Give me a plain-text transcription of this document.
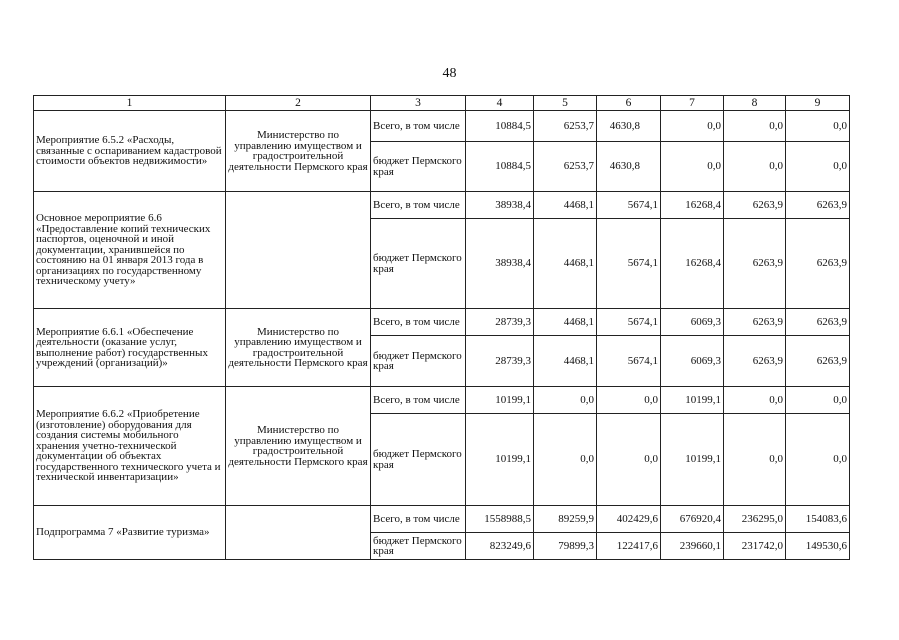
48
1	2	3	4	5	6	7	8	9
Мероприятие 6.5.2 «Расходы, связанные с оспариванием кадастровой стоимости объектов недвижимости»	Министерство по управлению имуществом и градостроительной деятельности Пермского края	Всего, в том числе	10884,5	6253,7	4630,8	0,0	0,0	0,0
		бюджет Пермского края	10884,5	6253,7	4630,8	0,0	0,0	0,0
Основное мероприятие 6.6 «Предоставление копий технических паспортов, оценочной и иной документации, хранившейся по состоянию на 01 января 2013 года в организациях по государственному техническому учету»		Всего, в том числе	38938,4	4468,1	5674,1	16268,4	6263,9	6263,9
		бюджет Пермского края	38938,4	4468,1	5674,1	16268,4	6263,9	6263,9
Мероприятие 6.6.1 «Обеспечение деятельности (оказание услуг, выполнение работ) государственных учреждений (организаций)»	Министерство по управлению имуществом и градостроительной деятельности Пермского края	Всего, в том числе	28739,3	4468,1	5674,1	6069,3	6263,9	6263,9
		бюджет Пермского края	28739,3	4468,1	5674,1	6069,3	6263,9	6263,9
Мероприятие 6.6.2 «Приобретение (изготовление) оборудования для создания системы мобильного хранения учетно-технической документации об объектах государственного технического учета и технической инвентаризации»	Министерство по управлению имуществом и градостроительной деятельности Пермского края	Всего, в том числе	10199,1	0,0	0,0	10199,1	0,0	0,0
		бюджет Пермского края	10199,1	0,0	0,0	10199,1	0,0	0,0
Подпрограмма 7 «Развитие туризма»		Всего, в том числе	1558988,5	89259,9	402429,6	676920,4	236295,0	154083,6
		бюджет Пермского края	823249,6	79899,3	122417,6	239660,1	231742,0	149530,6
